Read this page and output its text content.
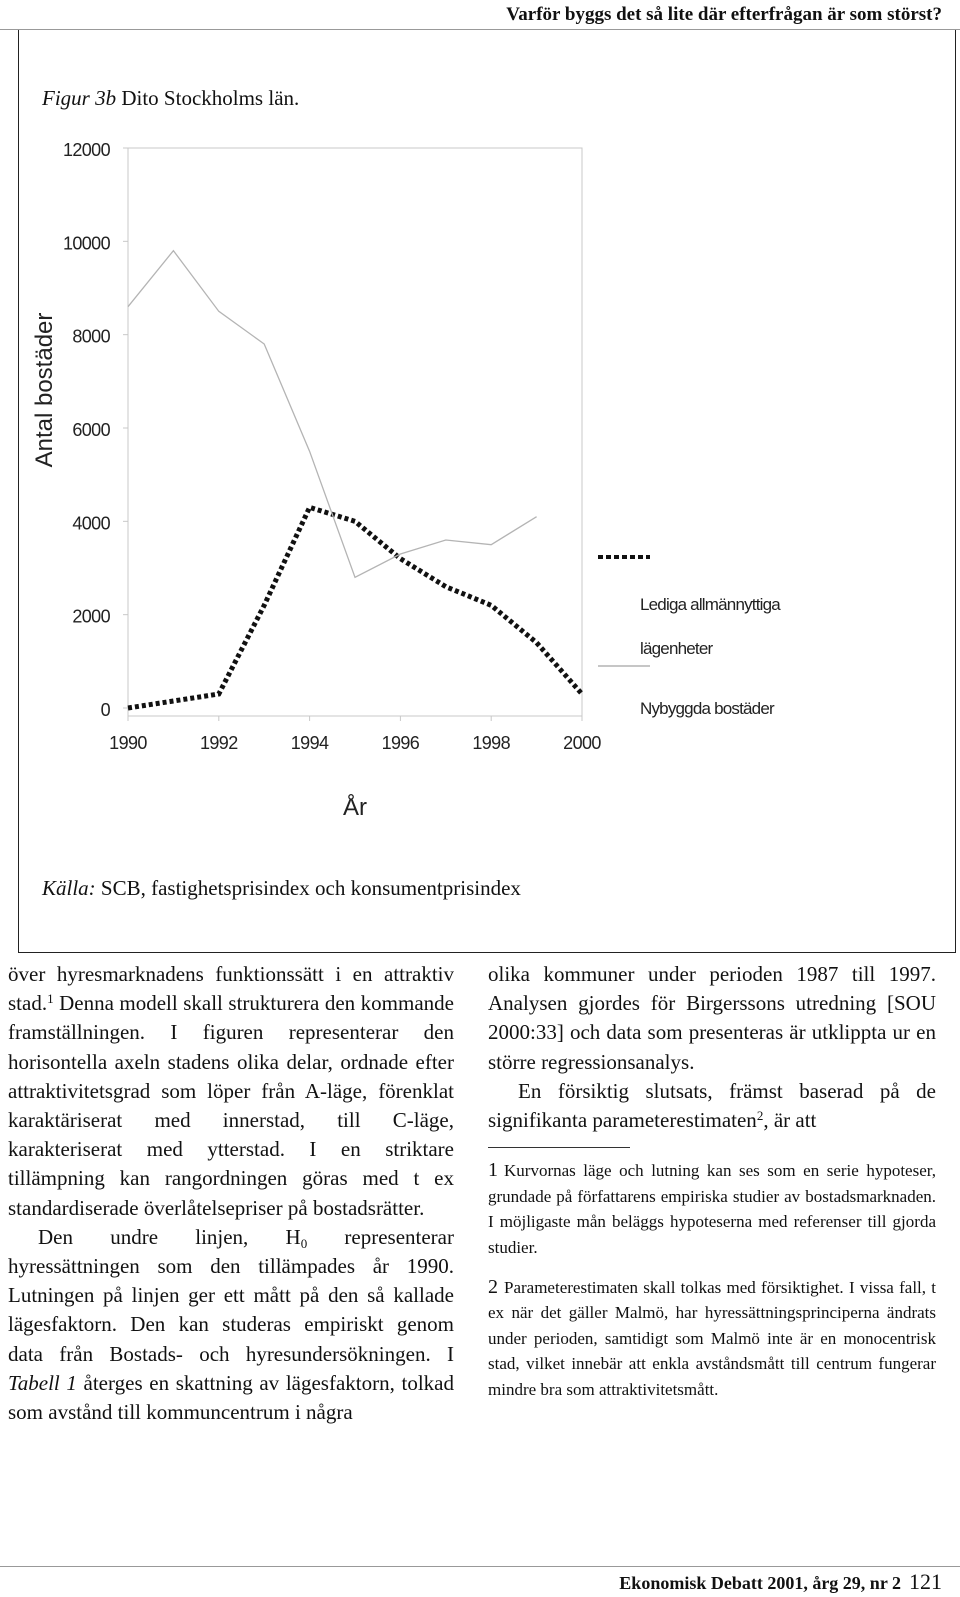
Varför byggs det så lite där efterfrågan är som störst?
Figur 3b Dito Stockholms län.
0
2000
4000
6000
8000
10000
12000
1990	1992	1994	1996	1998	2000
Antal bostäder
År
Lediga allmännyttiga lägenheter
Nybyggda bostäder
Källa: SCB, fastighetsprisindex och konsumentprisindex

över hyresmarknadens funktionssätt i en attraktiv stad.$^1$ Denna modell skall strukturera den kommande framställningen. I figuren representerar den horisontella axeln stadens olika delar, ordnade efter attraktivitetsgrad som löper från A-läge, förenklat karaktäriserat med innerstad, till C-läge, karakteriserat med ytterstad. I en striktare tillämpning kan rangordningen göras med t ex standardiserade överlåtelsepriser på bostadsrätter.

Den undre linjen, $H_0$ representerar hyressättningen som den tillämpades år 1990. Lutningen på linjen ger ett mått på den så kallade lägesfaktorn. Den kan studeras empiriskt genom data från Bostads- och hyresundersökningen. I Tabell 1 återges en skattning av lägesfaktorn, tolkad som avstånd till kommuncentrum i några

olika kommuner under perioden 1987 till 1997. Analysen gjordes för Birgerssons utredning [SOU 2000:33] och data som presenteras är utklippta ur en större regressionsanalys.

En försiktig slutsats, främst baserad på de signifikanta parameterestimaten$^2$, är att

1 Kurvornas läge och lutning kan ses som en serie hypoteser, grundade på författarens empiriska studier av bostadsmarknaden. I möjligaste mån beläggs hypoteserna med referenser till gjorda studier.

2 Parameterestimaten skall tolkas med försiktighet. I vissa fall, t ex när det gäller Malmö, har hyressättningsprinciperna ändrats under perioden, samtidigt som Malmö inte är en monocentrisk stad, vilket innebär att enkla avståndsmått till centrum fungerar mindre bra som attraktivitetsmått.

Ekonomisk Debatt 2001, årg 29, nr 2 121
